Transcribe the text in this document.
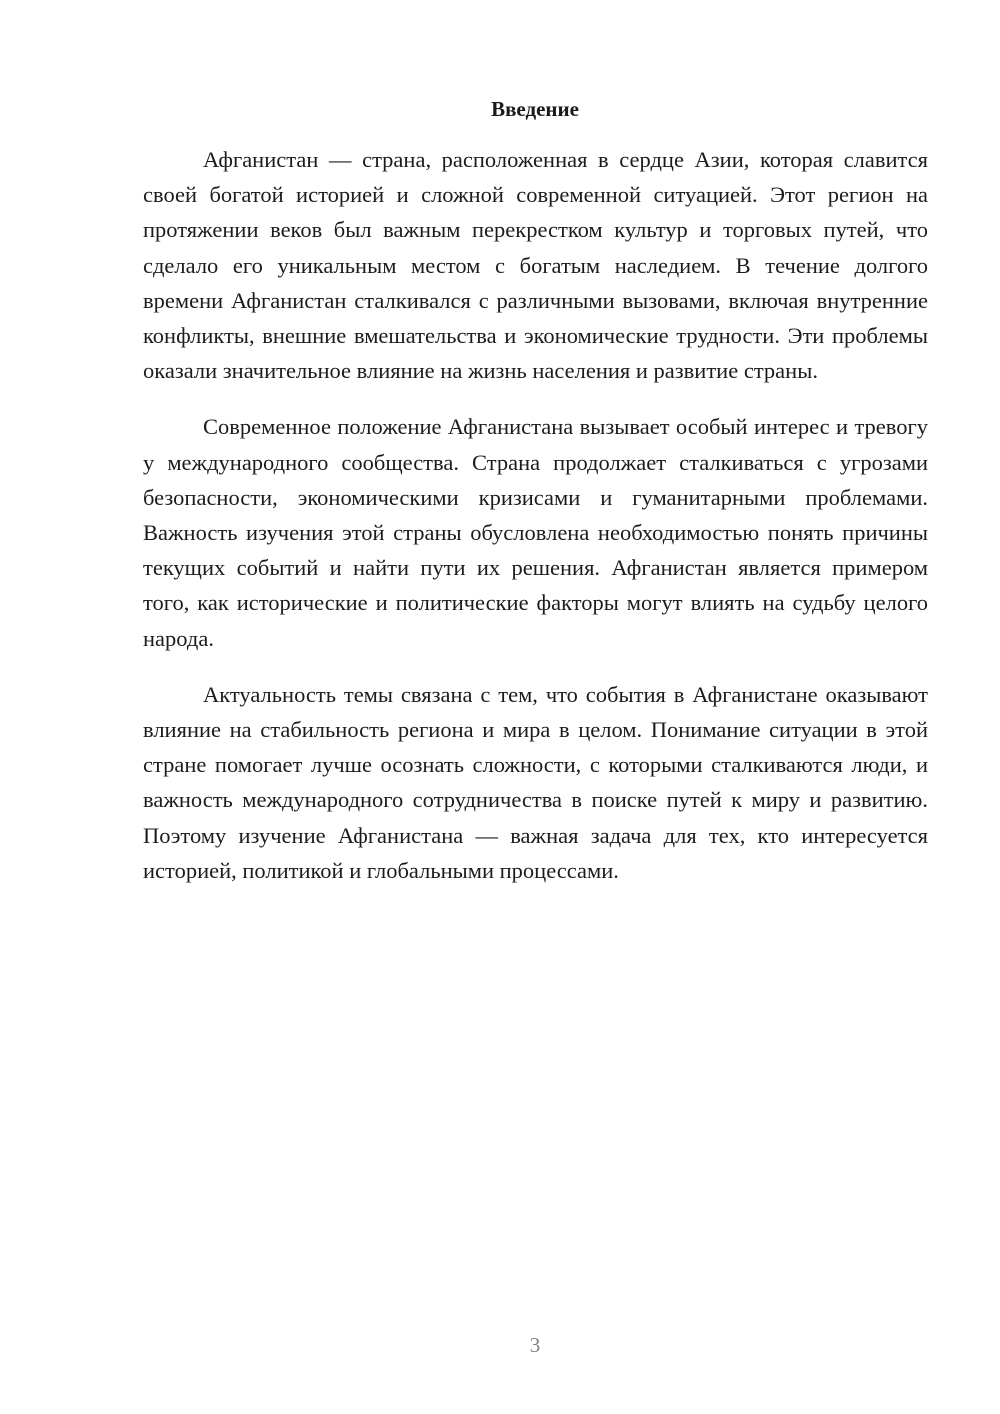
Введение

Афганистан — страна, расположенная в сердце Азии, которая славится своей богатой историей и сложной современной ситуацией. Этот регион на протяжении веков был важным перекрестком культур и торговых путей, что сделало его уникальным местом с богатым наследием. В течение долгого времени Афганистан сталкивался с различными вызовами, включая внутренние конфликты, внешние вмешательства и экономические трудности. Эти проблемы оказали значительное влияние на жизнь населения и развитие страны.

Современное положение Афганистана вызывает особый интерес и тревогу у международного сообщества. Страна продолжает сталкиваться с угрозами безопасности, экономическими кризисами и гуманитарными проблемами. Важность изучения этой страны обусловлена необходимостью понять причины текущих событий и найти пути их решения. Афганистан является примером того, как исторические и политические факторы могут влиять на судьбу целого народа.

Актуальность темы связана с тем, что события в Афганистане оказывают влияние на стабильность региона и мира в целом. Понимание ситуации в этой стране помогает лучше осознать сложности, с которыми сталкиваются люди, и важность международного сотрудничества в поиске путей к миру и развитию. Поэтому изучение Афганистана — важная задача для тех, кто интересуется историей, политикой и глобальными процессами.

3
